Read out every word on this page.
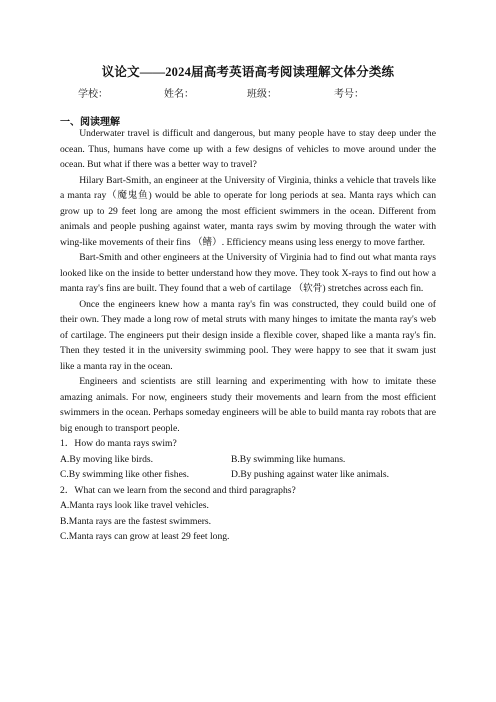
议论文——2024届高考英语高考阅读理解文体分类练
学校：	姓名：	班级：	考号：
一、阅读理解

Underwater travel is difficult and dangerous, but many people have to stay deep under the ocean. Thus, humans have come up with a few designs of vehicles to move around under the ocean. But what if there was a better way to travel?

Hilary Bart-Smith, an engineer at the University of Virginia, thinks a vehicle that travels like a manta ray（魔鬼鱼) would be able to operate for long periods at sea. Manta rays which can grow up to 29 feet long are among the most efficient swimmers in the ocean. Different from animals and people pushing against water, manta rays swim by moving through the water with wing-like movements of their fins （鳍）. Efficiency means using less energy to move farther.

Bart-Smith and other engineers at the University of Virginia had to find out what manta rays looked like on the inside to better understand how they move. They took X-rays to find out how a manta ray's fins are built. They found that a web of cartilage （软骨) stretches across each fin.

Once the engineers knew how a manta ray's fin was constructed, they could build one of their own. They made a long row of metal struts with many hinges to imitate the manta ray's web of cartilage. The engineers put their design inside a flexible cover, shaped like a manta ray's fin. Then they tested it in the university swimming pool. They were happy to see that it swam just like a manta ray in the ocean.

Engineers and scientists are still learning and experimenting with how to imitate these amazing animals. For now, engineers study their movements and learn from the most efficient swimmers in the ocean. Perhaps someday engineers will be able to build manta ray robots that are big enough to transport people.

1．How do manta rays swim?
A.By moving like birds.	B.By swimming like humans.
C.By swimming like other fishes.	D.By pushing against water like animals.
2．What can we learn from the second and third paragraphs?
A.Manta rays look like travel vehicles.
B.Manta rays are the fastest swimmers.
C.Manta rays can grow at least 29 feet long.
